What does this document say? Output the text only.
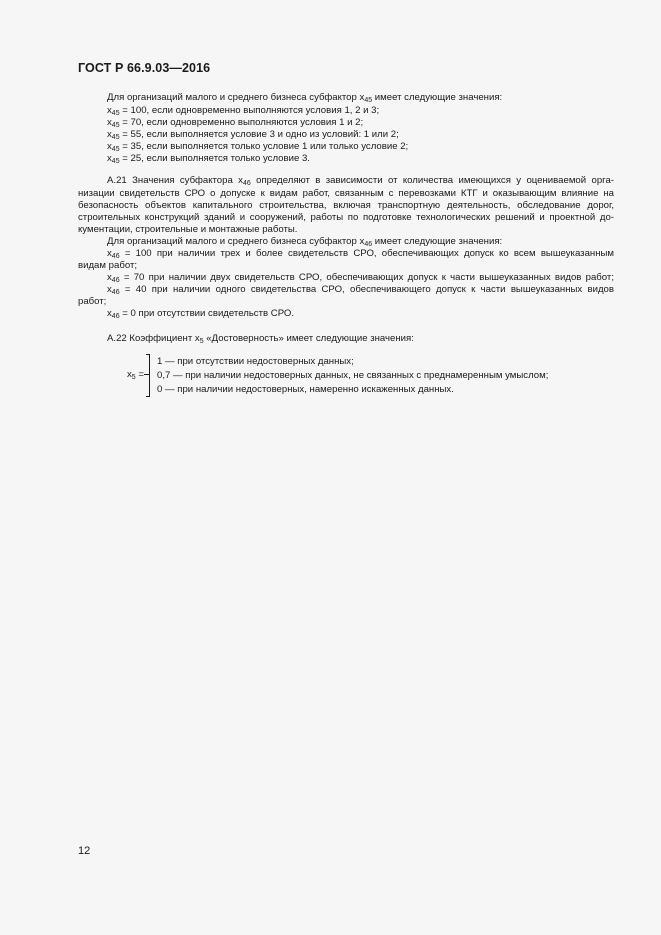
ГОСТ Р 66.9.03—2016
Для организаций малого и среднего бизнеса субфактор $x_{45}$ имеет следующие значения:
$x_{45} = 100$, если одновременно выполняются условия 1, 2 и 3;
$x_{45} = 70$, если одновременно выполняются условия 1 и 2;
$x_{45} = 55$, если выполняется условие 3 и одно из условий: 1 или 2;
$x_{45} = 35$, если выполняется только условие 1 или только условие 2;
$x_{45} = 25$, если выполняется только условие 3.
А.21 Значения субфактора $x_{46}$ определяют в зависимости от количества имеющихся у оцениваемой орга-
низации свидетельств СРО о допуске к видам работ, связанным с перевозками КТГ и оказывающим влияние на
безопасность объектов капитального строительства, включая транспортную деятельность, обследование дорог,
строительных конструкций зданий и сооружений, работы по подготовке технологических решений и проектной до-
кументации, строительные и монтажные работы.
Для организаций малого и среднего бизнеса субфактор $x_{46}$ имеет следующие значения:
$x_{46} = 100$ при наличии трех и более свидетельств СРО, обеспечивающих допуск ко всем вышеуказанным
видам работ;
$x_{46} = 70$ при наличии двух свидетельств СРО, обеспечивающих допуск к части вышеуказанных видов работ;
$x_{46} = 40$ при наличии одного свидетельства СРО, обеспечивающего допуск к части вышеуказанных видов
работ;
$x_{46} = 0$ при отсутствии свидетельств СРО.
А.22 Коэффициент $x_5$ «Достоверность» имеет следующие значения:
$x_5$ =
1 — при отсутствии недостоверных данных;
0,7 — при наличии недостоверных данных, не связанных с преднамеренным умыслом;
0 — при наличии недостоверных, намеренно искаженных данных.
12
